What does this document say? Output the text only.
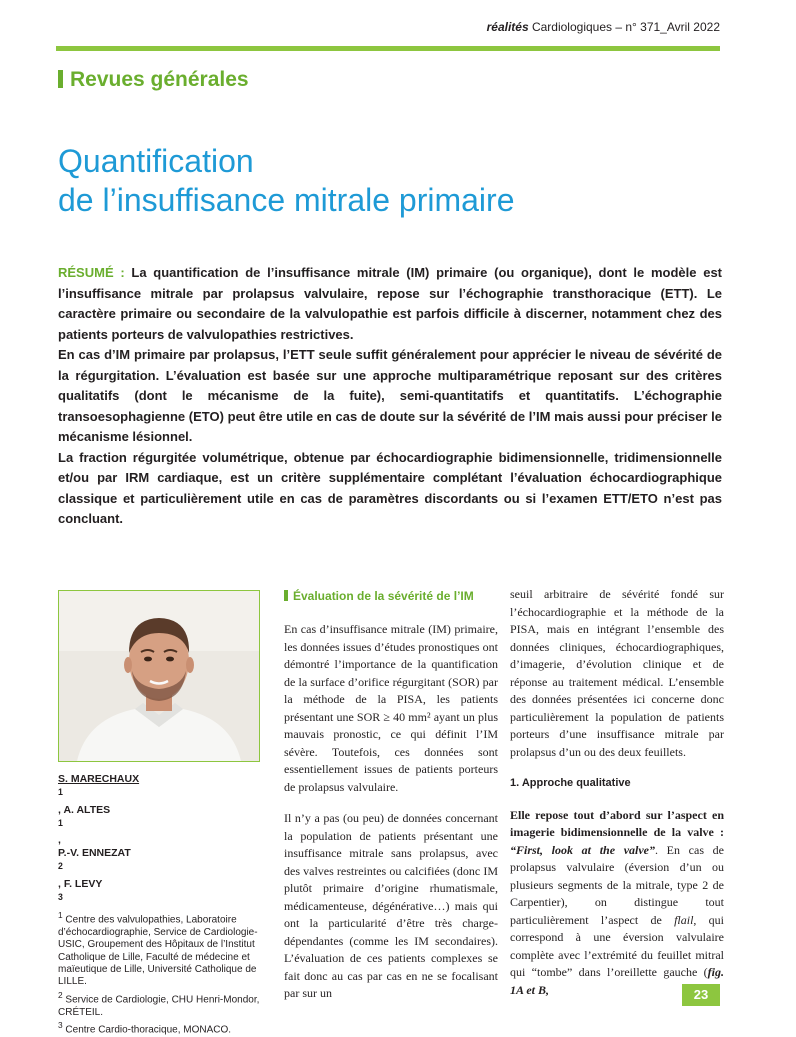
réalités Cardiologiques – n° 371_Avril 2022
Revues générales
Quantification
de l’insuffisance mitrale primaire

RÉSUMÉ : La quantification de l’insuffisance mitrale (IM) primaire (ou organique), dont le modèle est l’insuffisance mitrale par prolapsus valvulaire, repose sur l’échographie transthoracique (ETT). Le caractère primaire ou secondaire de la valvulopathie est parfois difficile à discerner, notamment chez des patients porteurs de valvulopathies restrictives.

En cas d’IM primaire par prolapsus, l’ETT seule suffit généralement pour apprécier le niveau de sévérité de la régurgitation. L’évaluation est basée sur une approche multiparamétrique reposant sur des critères qualitatifs (dont le mécanisme de la fuite), semi-quantitatifs et quantitatifs. L’échographie transoesophagienne (ETO) peut être utile en cas de doute sur la sévérité de l’IM mais aussi pour préciser le mécanisme lésionnel.

La fraction régurgitée volumétrique, obtenue par échocardiographie bidimensionnelle, tridimensionnelle et/ou par IRM cardiaque, est un critère supplémentaire complétant l’évaluation échocardiographique classique et particulièrement utile en cas de paramètres discordants ou si l’examen ETT/ETO n’est pas concluant.

S. MARECHAUX
$^1$
, A. ALTES
$^1$
,
P.-V. ENNEZAT
$^2$
, F. LEVY
$^3$
$^1$ Centre des valvulopathies, Laboratoire d’échocardiographie, Service de Cardiologie-USIC, Groupement des Hôpitaux de l’Institut Catholique de Lille, Faculté de médecine et maïeutique de Lille, Université Catholique de LILLE.
$^2$ Service de Cardiologie, CHU Henri-Mondor, CRÉTEIL.
$^3$ Centre Cardio-thoracique, MONACO.
Évaluation de la sévérité de l’IM

En cas d’insuffisance mitrale (IM) primaire, les données issues d’études pronostiques ont démontré l’importance de la quantification de la surface d’orifice régurgitant (SOR) par la méthode de la PISA, les patients présentant une SOR ≥ 40 mm² ayant un plus mauvais pronostic, ce qui définit l’IM sévère. Toutefois, ces données sont essentiellement issues de patients porteurs de prolapsus valvulaire.

Il n’y a pas (ou peu) de données concernant la population de patients présentant une insuffisance mitrale sans prolapsus, avec des valves restreintes ou calcifiées (donc IM plutôt primaire d’origine rhumatismale, médicamenteuse, dégénérative…) mais qui ont la particularité d’être très charge-dépendantes (comme les IM secondaires). L’évaluation de ces patients complexes se fait donc au cas par cas en ne se focalisant par sur un

seuil arbitraire de sévérité fondé sur l’échocardiographie et la méthode de la PISA, mais en intégrant l’ensemble des données cliniques, échocardiographiques, d’imagerie, d’évolution clinique et de réponse au traitement médical. L’ensemble des données présentées ici concerne donc particulièrement la population de patients porteurs d’une insuffisance mitrale par prolapsus d’un ou des deux feuillets.

1. Approche qualitative

Elle repose tout d’abord sur l’aspect en imagerie bidimensionnelle de la valve : “First, look at the valve”. En cas de prolapsus valvulaire (éversion d’un ou plusieurs segments de la mitrale, type 2 de Carpentier), on distingue tout particulièrement l’aspect de flail, qui correspond à une éversion valvulaire complète avec l’extrémité du feuillet mitral qui “tombe” dans l’oreillette gauche (fig. 1A et B,	23
